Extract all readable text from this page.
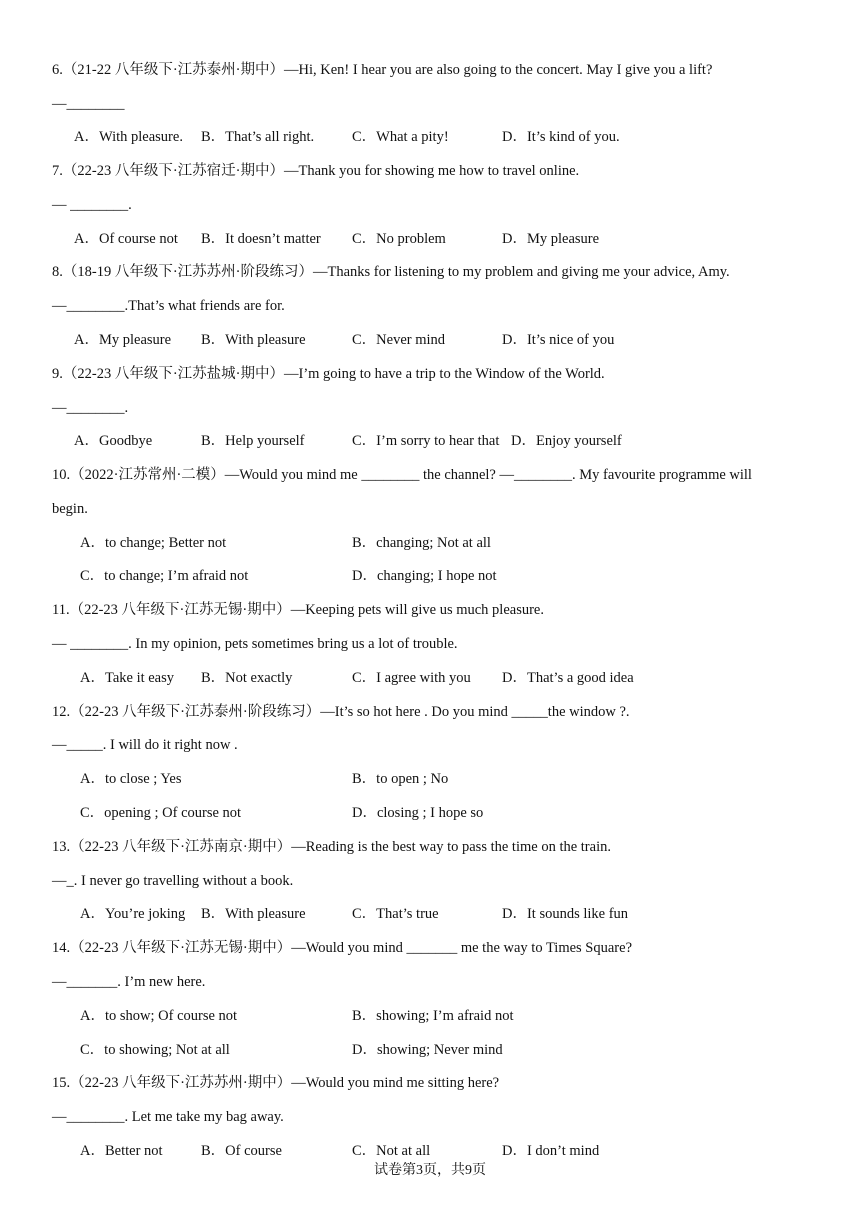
6.（21-22 八年级下·江苏泰州·期中）—Hi, Ken! I hear you are also going to the concert. May I give you a lift?
—________
A．With pleasure. B．That’s all right.	C．What a pity!	D．It’s kind of you.
7.（22-23 八年级下·江苏宿迁·期中）—Thank you for showing me how to travel online.
— ________.
A．Of course not B．It doesn’t matter C．No problem	D．My pleasure
8.（18-19 八年级下·江苏苏州·阶段练习）—Thanks for listening to my problem and giving me your advice, Amy.
—________.That’s what friends are for.
A．My pleasure B．With pleasure	C．Never mind	D．It’s nice of you
9.（22-23 八年级下·江苏盐城·期中）—I’m going to have a trip to the Window of the World.
—________.
A．Goodbye	B．Help yourself	C．I’m sorry to hear that D．Enjoy yourself
10.（2022·江苏常州·二模）—Would you mind me ________ the channel? —________. My favourite programme will
begin.
A．to change; Better not	B．changing; Not at all
C．to change; I’m afraid not	D．changing; I hope not
11.（22-23 八年级下·江苏无锡·期中）—Keeping pets will give us much pleasure.
— ________. In my opinion, pets sometimes bring us a lot of trouble.
A．Take it easy B．Not exactly	C．I agree with you D．That’s a good idea
12.（22-23 八年级下·江苏泰州·阶段练习）—It’s so hot here . Do you mind _____the window ?.
—_____. I will do it right now .
A．to close ; Yes	B．to open ; No
C．opening ; Of course not	D．closing ; I hope so
13.（22-23 八年级下·江苏南京·期中）—Reading is the best way to pass the time on the train.
—_. I never go travelling without a book.
A．You’re joking B．With pleasure	C．That’s true	D．It sounds like fun
14.（22-23 八年级下·江苏无锡·期中）—Would you mind _______ me the way to Times Square?
—_______. I’m new here.
A．to show; Of course not	B．showing; I’m afraid not
C．to showing; Not at all	D．showing; Never mind
15.（22-23 八年级下·江苏苏州·期中）—Would you mind me sitting here?
—________. Let me take my bag away.
A．Better not	B．Of course	C．Not at all	D．I don’t mind
试卷第3页，共9页
